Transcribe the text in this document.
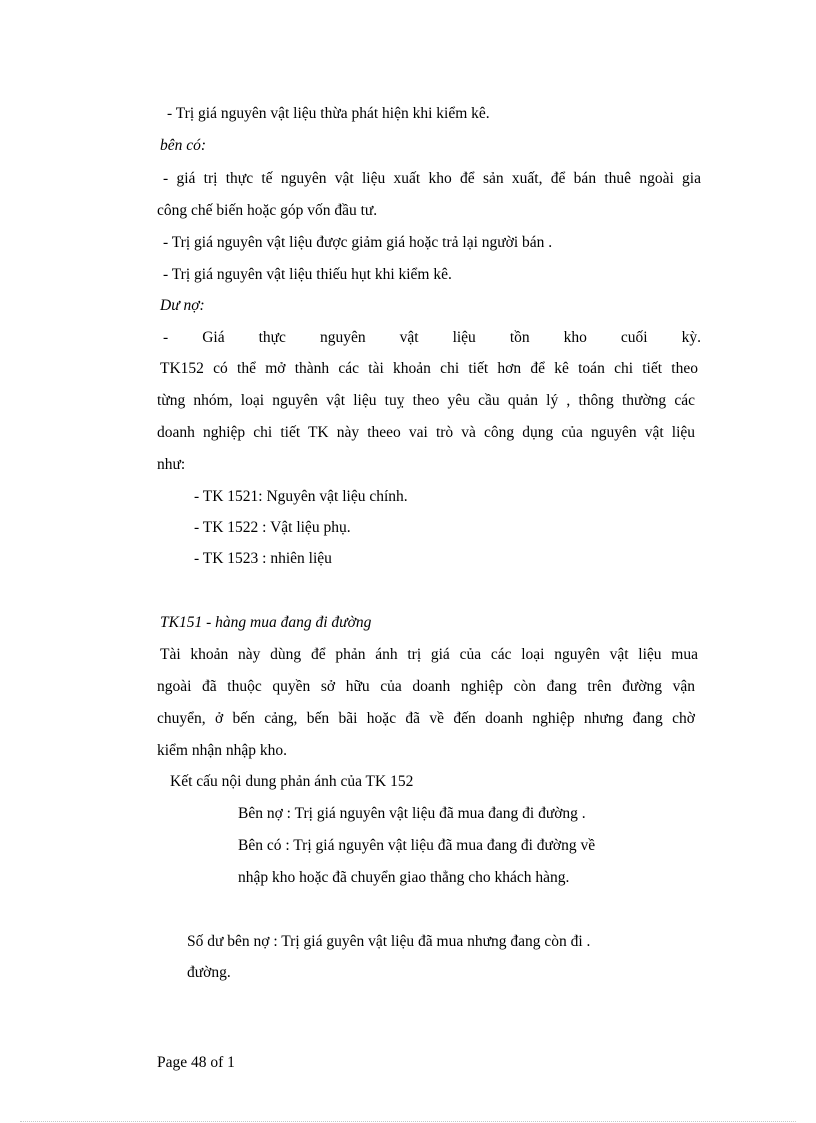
- Trị giá nguyên vật liệu thừa phát hiện khi kiểm kê.
bên có:
- giá trị thực tế nguyên vật liệu xuất kho để sản xuất, để bán thuê ngoài gia
công chế biến hoặc góp vốn đầu tư.
- Trị giá nguyên vật liệu được giảm giá hoặc trả lại người bán .
- Trị giá nguyên vật liệu thiếu hụt khi kiểm kê.
Dư nợ:
- Giá thực nguyên vật liệu tồn kho cuối kỳ.
TK152 có thể mở thành các tài khoản chi tiết hơn để kê toán chi tiết theo
từng nhóm, loại nguyên vật liệu tuỵ theo yêu cầu quản lý , thông thường các
doanh nghiệp chi tiết TK này theeo vai trò và công dụng của nguyên vật liệu
như:
- TK 1521: Nguyên vật liệu chính.
- TK 1522 : Vật liệu phụ.
- TK 1523 : nhiên liệu
TK151 - hàng mua đang đi đường
Tài khoản này dùng để phản ánh trị giá của các loại nguyên vật liệu mua
ngoài đã thuộc quyền sở hữu của doanh nghiệp còn đang trên đường vận
chuyển, ở bến cảng, bến bãi hoặc đã về đến doanh nghiệp nhưng đang chờ
kiểm nhận nhập kho.
Kết cấu nội dung phản ánh của TK 152
Bên nợ : Trị giá nguyên vật liệu đã mua đang đi đường .
Bên có : Trị giá nguyên vật liệu đã mua đang đi đường về
nhập kho hoặc đã chuyển giao thẳng cho khách hàng.
Số dư bên nợ : Trị giá guyên vật liệu đã mua nhưng đang còn đi .
đường.
Page 48 of 1
